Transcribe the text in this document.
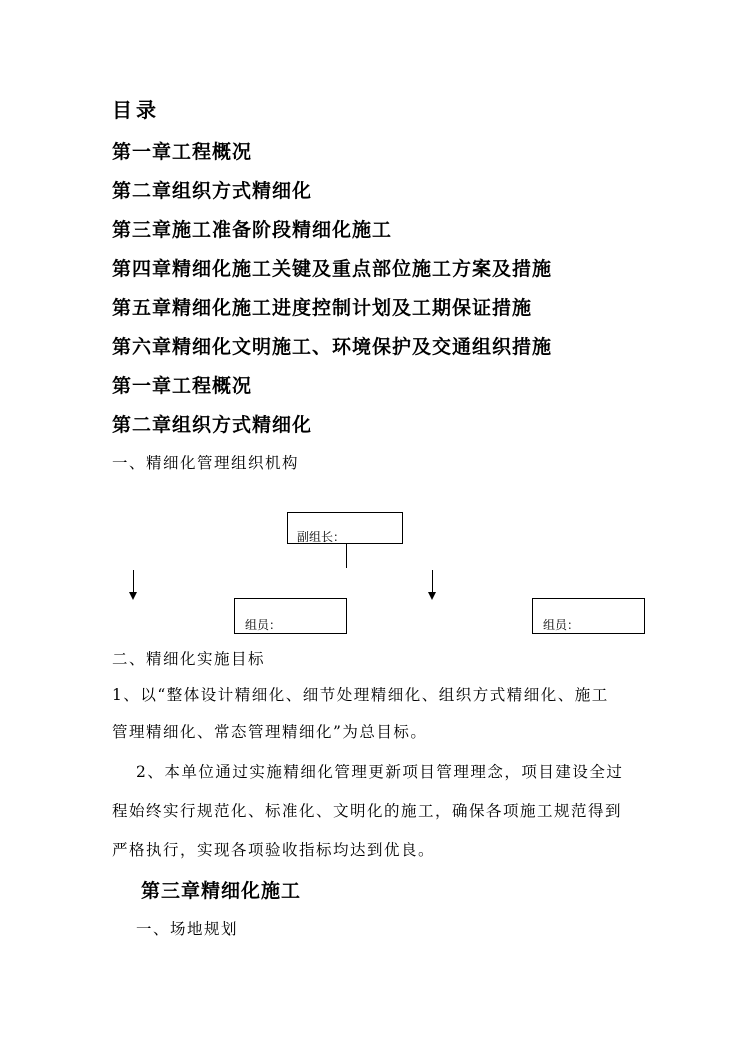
目录
第一章工程概况
第二章组织方式精细化
第三章施工准备阶段精细化施工
第四章精细化施工关键及重点部位施工方案及措施
第五章精细化施工进度控制计划及工期保证措施
第六章精细化文明施工、环境保护及交通组织措施
第一章工程概况
第二章组织方式精细化
一、精细化管理组织机构
副组长：
组员：	组员：
二、精细化实施目标
1、以“整体设计精细化、细节处理精细化、组织方式精细化、施工
管理精细化、常态管理精细化”为总目标。
2、本单位通过实施精细化管理更新项目管理理念，项目建设全过
程始终实行规范化、标准化、文明化的施工，确保各项施工规范得到
严格执行，实现各项验收指标均达到优良。
第三章精细化施工
一、场地规划
